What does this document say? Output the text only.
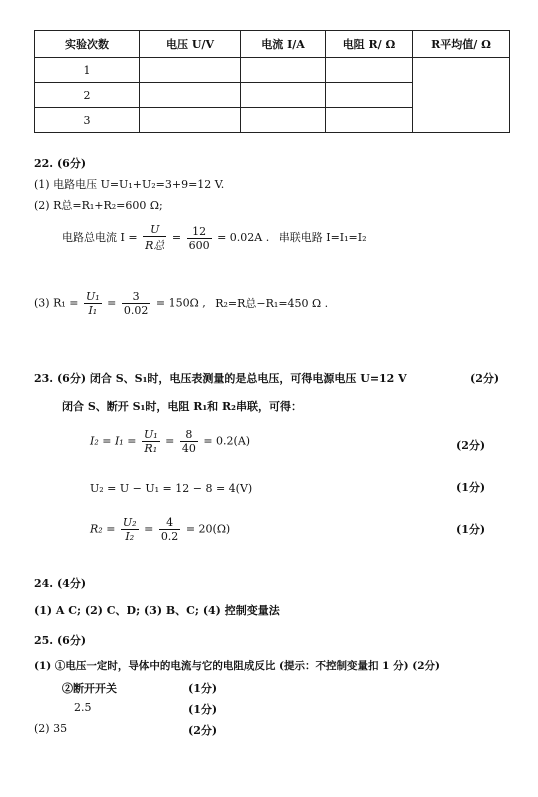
实验次数	电压 U/V	电流 I/A	电阻 R/ Ω	R平均值/ Ω
1				
2				
3				
22. (6分)
(1) 电路电压 U=U₁+U₂=3+9=12 V.
(2) R总=R₁+R₂=600 Ω;
电路总电流 $I = \frac{U}{\text{R总}} = \frac{12}{600} = 0.02A$ . 串联电路 I=I₁=I₂
(3) $R_1 = \frac{\text{U₁}}{\text{I₁}} = \frac{3}{0.02} = 150\Omega$ , R₂=R总−R₁=450 Ω .
23. (6分) 闭合 S、S₁时，电压表测量的是总电压，可得电源电压 U=12 V	(2分)
闭合 S、断开 S₁时，电阻 R₁和 R₂串联，可得：
$I_2 = I_1 = \frac{\text{U₁}}{\text{R₁}} = \frac{8}{40} = 0.2(A)$	(2分)
U₂ = U − U₁ = 12 − 8 = 4(V)	(1分)
$R_2 = \frac{\text{U₂}}{\text{I₂}} = \frac{4}{0.2} = 20(\Omega)$	(1分)
24. (4分)
(1) A C; (2) C、D; (3) B、C; (4) 控制变量法
25. (6分)
(1) ①电压一定时，导体中的电流与它的电阻成反比 (提示：不控制变量扣 1 分) (2分)
②断开开关	(1分)
2.5	(1分)
(2) 35	(2分)
